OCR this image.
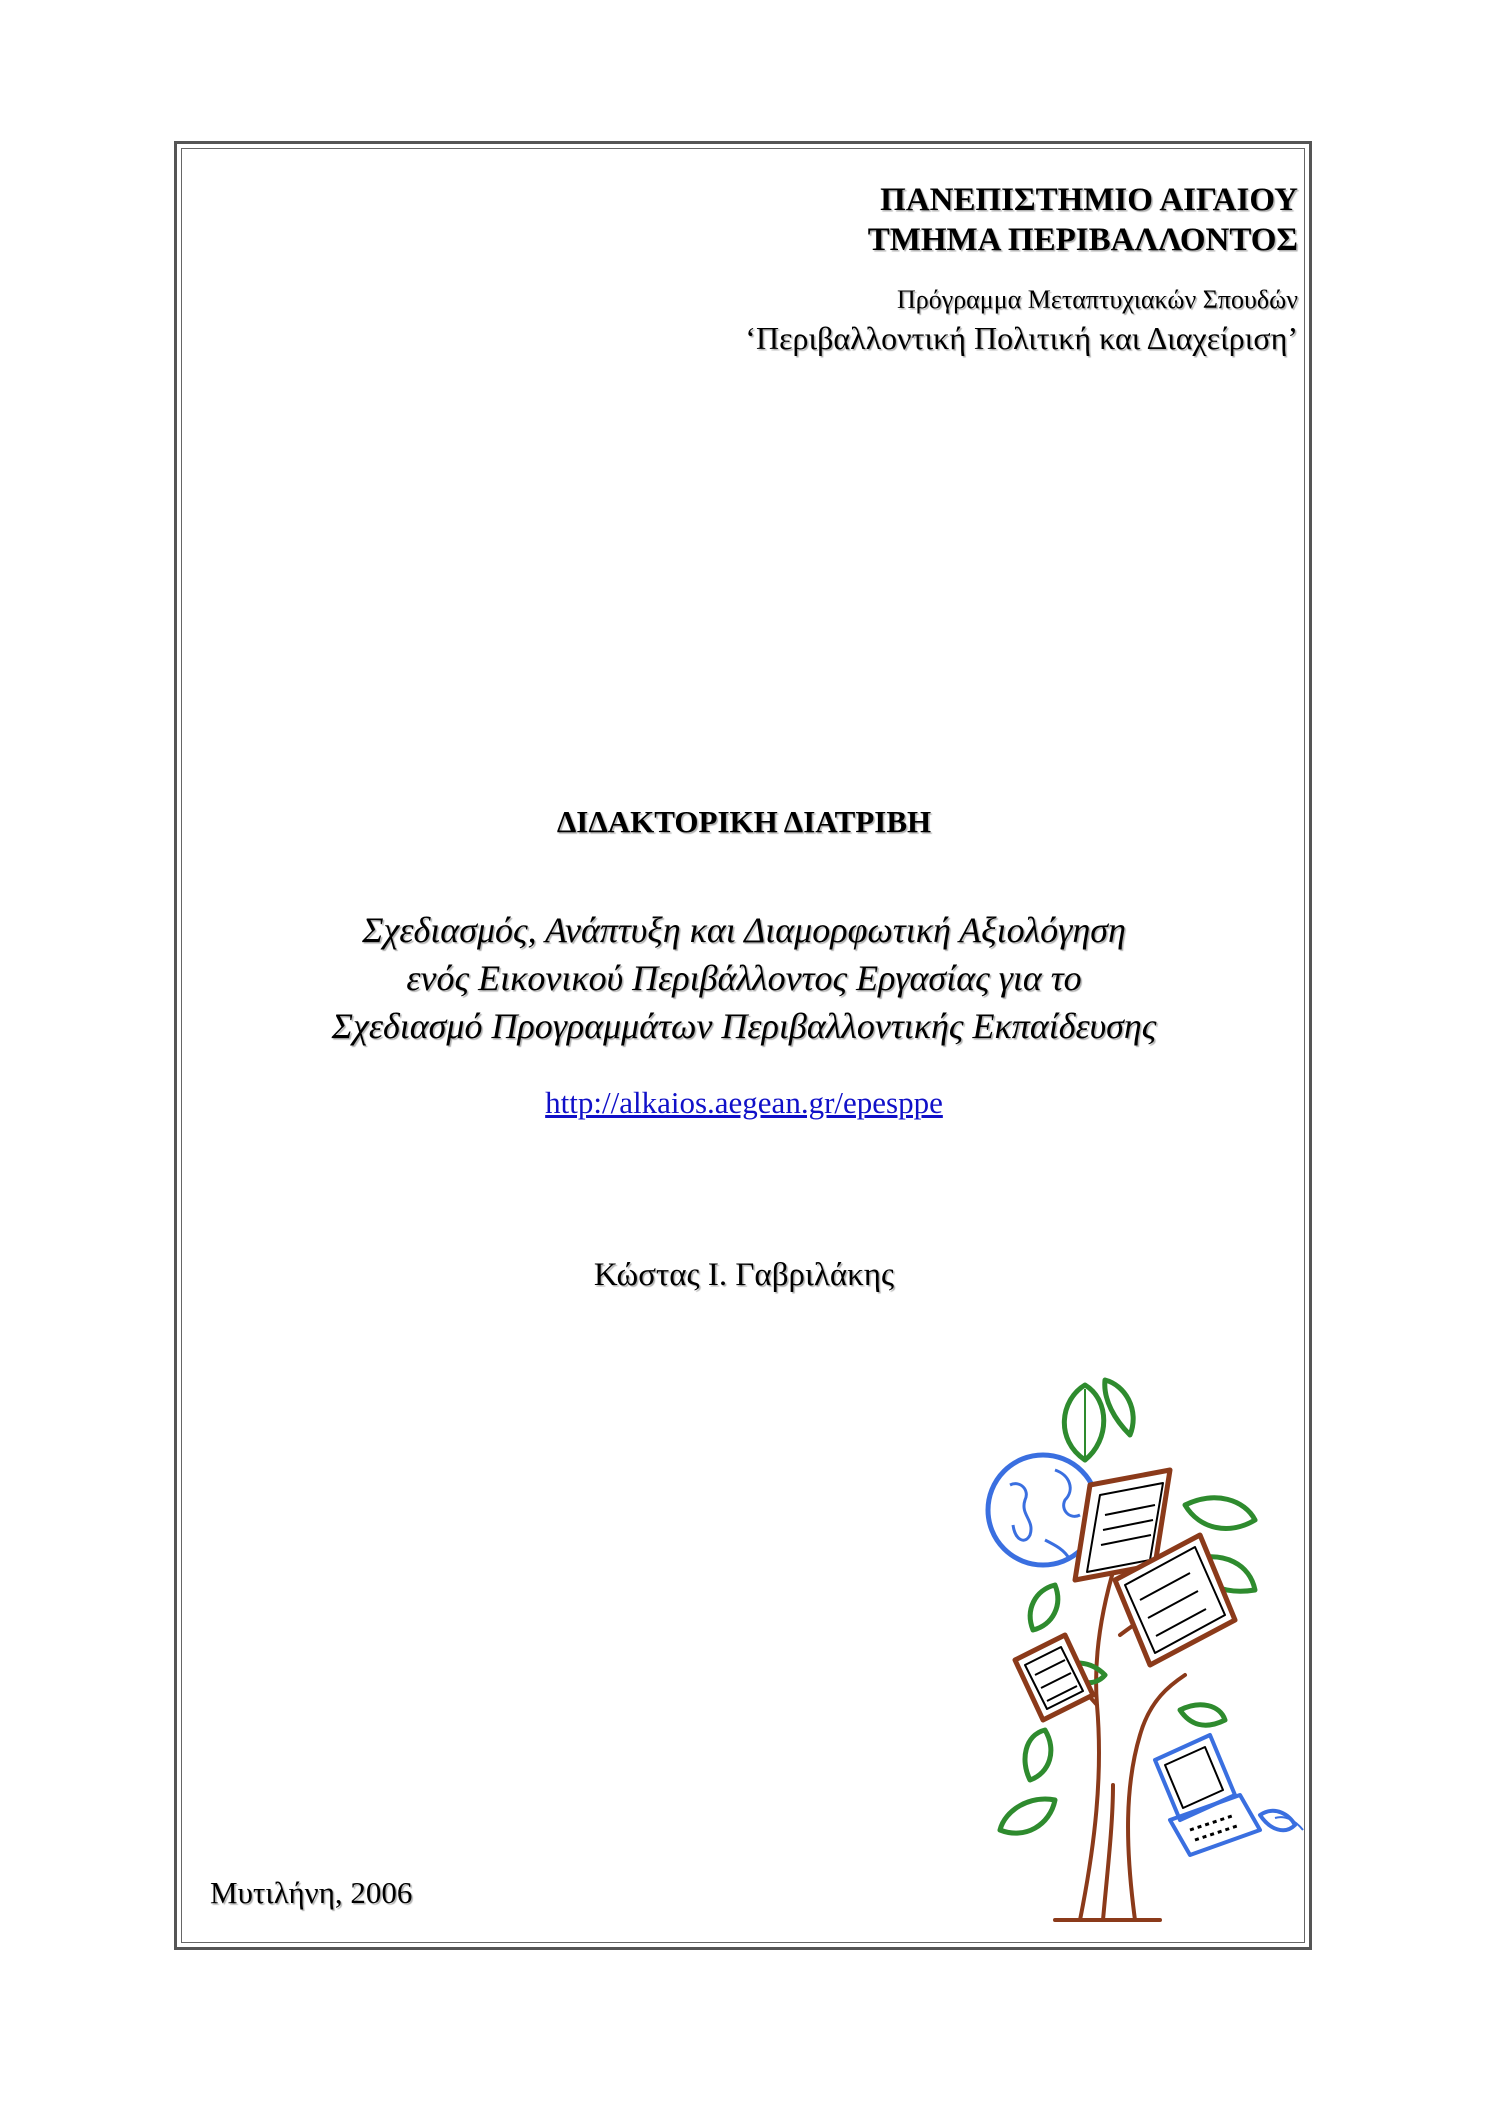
ΠΑΝΕΠΙΣΤΗΜΙΟ ΑΙΓΑΙΟΥ
ΤΜΗΜΑ ΠΕΡΙΒΑΛΛΟΝΤΟΣ
Πρόγραμμα Μεταπτυχιακών Σπουδών
‘Περιβαλλοντική Πολιτική και Διαχείριση’
ΔΙΔΑΚΤΟΡΙΚΗ ΔΙΑΤΡΙΒΗ
Σχεδιασμός, Ανάπτυξη και Διαμορφωτική Αξιολόγηση
ενός Εικονικού Περιβάλλοντος Εργασίας για το
Σχεδιασμό Προγραμμάτων Περιβαλλοντικής Εκπαίδευσης
http://alkaios.aegean.gr/epesppe
Κώστας Ι. Γαβριλάκης
Μυτιλήνη, 2006
